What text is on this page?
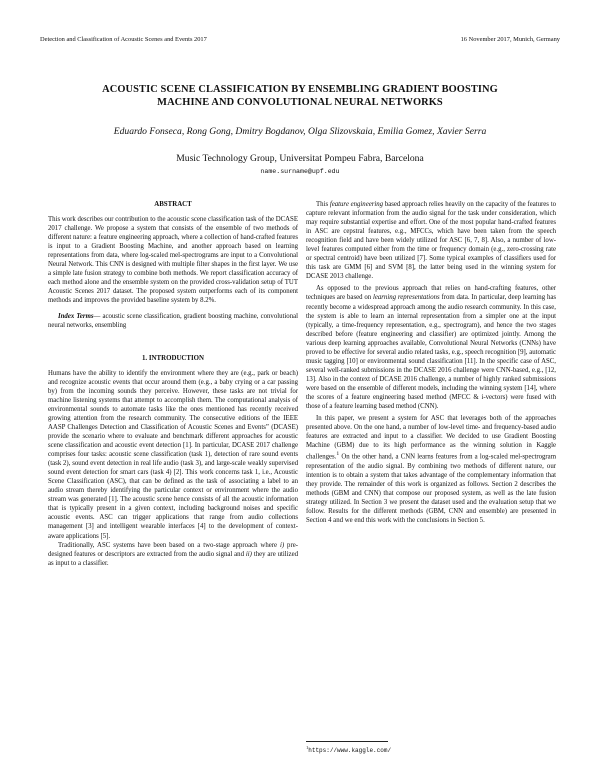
Detection and Classification of Acoustic Scenes and Events 2017	16 November 2017, Munich, Germany
ACOUSTIC SCENE CLASSIFICATION BY ENSEMBLING GRADIENT BOOSTING
MACHINE AND CONVOLUTIONAL NEURAL NETWORKS
Eduardo Fonseca, Rong Gong, Dmitry Bogdanov, Olga Slizovskaia, Emilia Gomez, Xavier Serra
Music Technology Group, Universitat Pompeu Fabra, Barcelona
name.surname@upf.edu
ABSTRACT

This work describes our contribution to the acoustic scene classification task of the DCASE 2017 challenge. We propose a system that consists of the ensemble of two methods of different nature: a feature engineering approach, where a collection of hand-crafted features is input to a Gradient Boosting Machine, and another approach based on learning representations from data, where log-scaled mel-spectrograms are input to a Convolutional Neural Network. This CNN is designed with multiple filter shapes in the first layer. We use a simple late fusion strategy to combine both methods. We report classification accuracy of each method alone and the ensemble system on the provided cross-validation setup of TUT Acoustic Scenes 2017 dataset. The proposed system outperforms each of its component methods and improves the provided baseline system by 8.2%.

Index Terms— acoustic scene classification, gradient boosting machine, convolutional neural networks, ensembling

1. INTRODUCTION

Humans have the ability to identify the environment where they are (e.g., park or beach) and recognize acoustic events that occur around them (e.g., a baby crying or a car passing by) from the incoming sounds they perceive. However, these tasks are not trivial for machine listening systems that attempt to accomplish them. The computational analysis of environmental sounds to automate tasks like the ones mentioned has recently received growing attention from the research community. The consecutive editions of the IEEE AASP Challenges Detection and Classification of Acoustic Scenes and Events” (DCASE) provide the scenario where to evaluate and benchmark different approaches for acoustic scene classification and acoustic event detection [1]. In particular, DCASE 2017 challenge comprises four tasks: acoustic scene classification (task 1), detection of rare sound events (task 2), sound event detection in real life audio (task 3), and large-scale weakly supervised sound event detection for smart cars (task 4) [2]. This work concerns task 1, i.e., Acoustic Scene Classification (ASC), that can be defined as the task of associating a label to an audio stream thereby identifying the particular context or environment where the audio stream was generated [1]. The acoustic scene hence consists of all the acoustic information that is typically present in a given context, including background noises and specific acoustic events. ASC can trigger applications that range from audio collections management [3] and intelligent wearable interfaces [4] to the development of context-aware applications [5].

Traditionally, ASC systems have been based on a two-stage approach where i) pre-designed features or descriptors are extracted from the audio signal and ii) they are utilized as input to a classifier.

This feature engineering based approach relies heavily on the capacity of the features to capture relevant information from the audio signal for the task under consideration, which may require substantial expertise and effort. One of the most popular hand-crafted features in ASC are cepstral features, e.g., MFCCs, which have been taken from the speech recognition field and have been widely utilized for ASC [6, 7, 8]. Also, a number of low-level features computed either from the time or frequency domain (e.g., zero-crossing rate or spectral centroid) have been utilized [7]. Some typical examples of classifiers used for this task are GMM [6] and SVM [8], the latter being used in the winning system for DCASE 2013 challenge.

As opposed to the previous approach that relies on hand-crafting features, other techniques are based on learning representations from data. In particular, deep learning has recently become a widespread approach among the audio research community. In this case, the system is able to learn an internal representation from a simpler one at the input (typically, a time-frequency representation, e.g., spectrogram), and hence the two stages described before (feature engineering and classifier) are optimized jointly. Among the various deep learning approaches available, Convolutional Neural Networks (CNNs) have proved to be effective for several audio related tasks, e.g., speech recognition [9], automatic music tagging [10] or environmental sound classification [11]. In the specific case of ASC, several well-ranked submissions in the DCASE 2016 challenge were CNN-based, e.g., [12, 13]. Also in the context of DCASE 2016 challenge, a number of highly ranked submissions were based on the ensemble of different models, including the winning system [14], where the scores of a feature engineering based method (MFCC & i-vectors) were fused with those of a feature learning based method (CNN).

In this paper, we present a system for ASC that leverages both of the approaches presented above. On the one hand, a number of low-level time- and frequency-based audio features are extracted and input to a classifier. We decided to use Gradient Boosting Machine (GBM) due to its high performance as the winning solution in Kaggle challenges.$^1$ On the other hand, a CNN learns features from a log-scaled mel-spectrogram representation of the audio signal. By combining two methods of different nature, our intention is to obtain a system that takes advantage of the complementary information that they provide. The remainder of this work is organized as follows. Section 2 describes the methods (GBM and CNN) that compose our proposed system, as well as the late fusion strategy utilized. In Section 3 we present the dataset used and the evaluation setup that we follow. Results for the different methods (GBM, CNN and ensemble) are presented in Section 4 and we end this work with the conclusions in Section 5.

$^1$https://www.kaggle.com/
